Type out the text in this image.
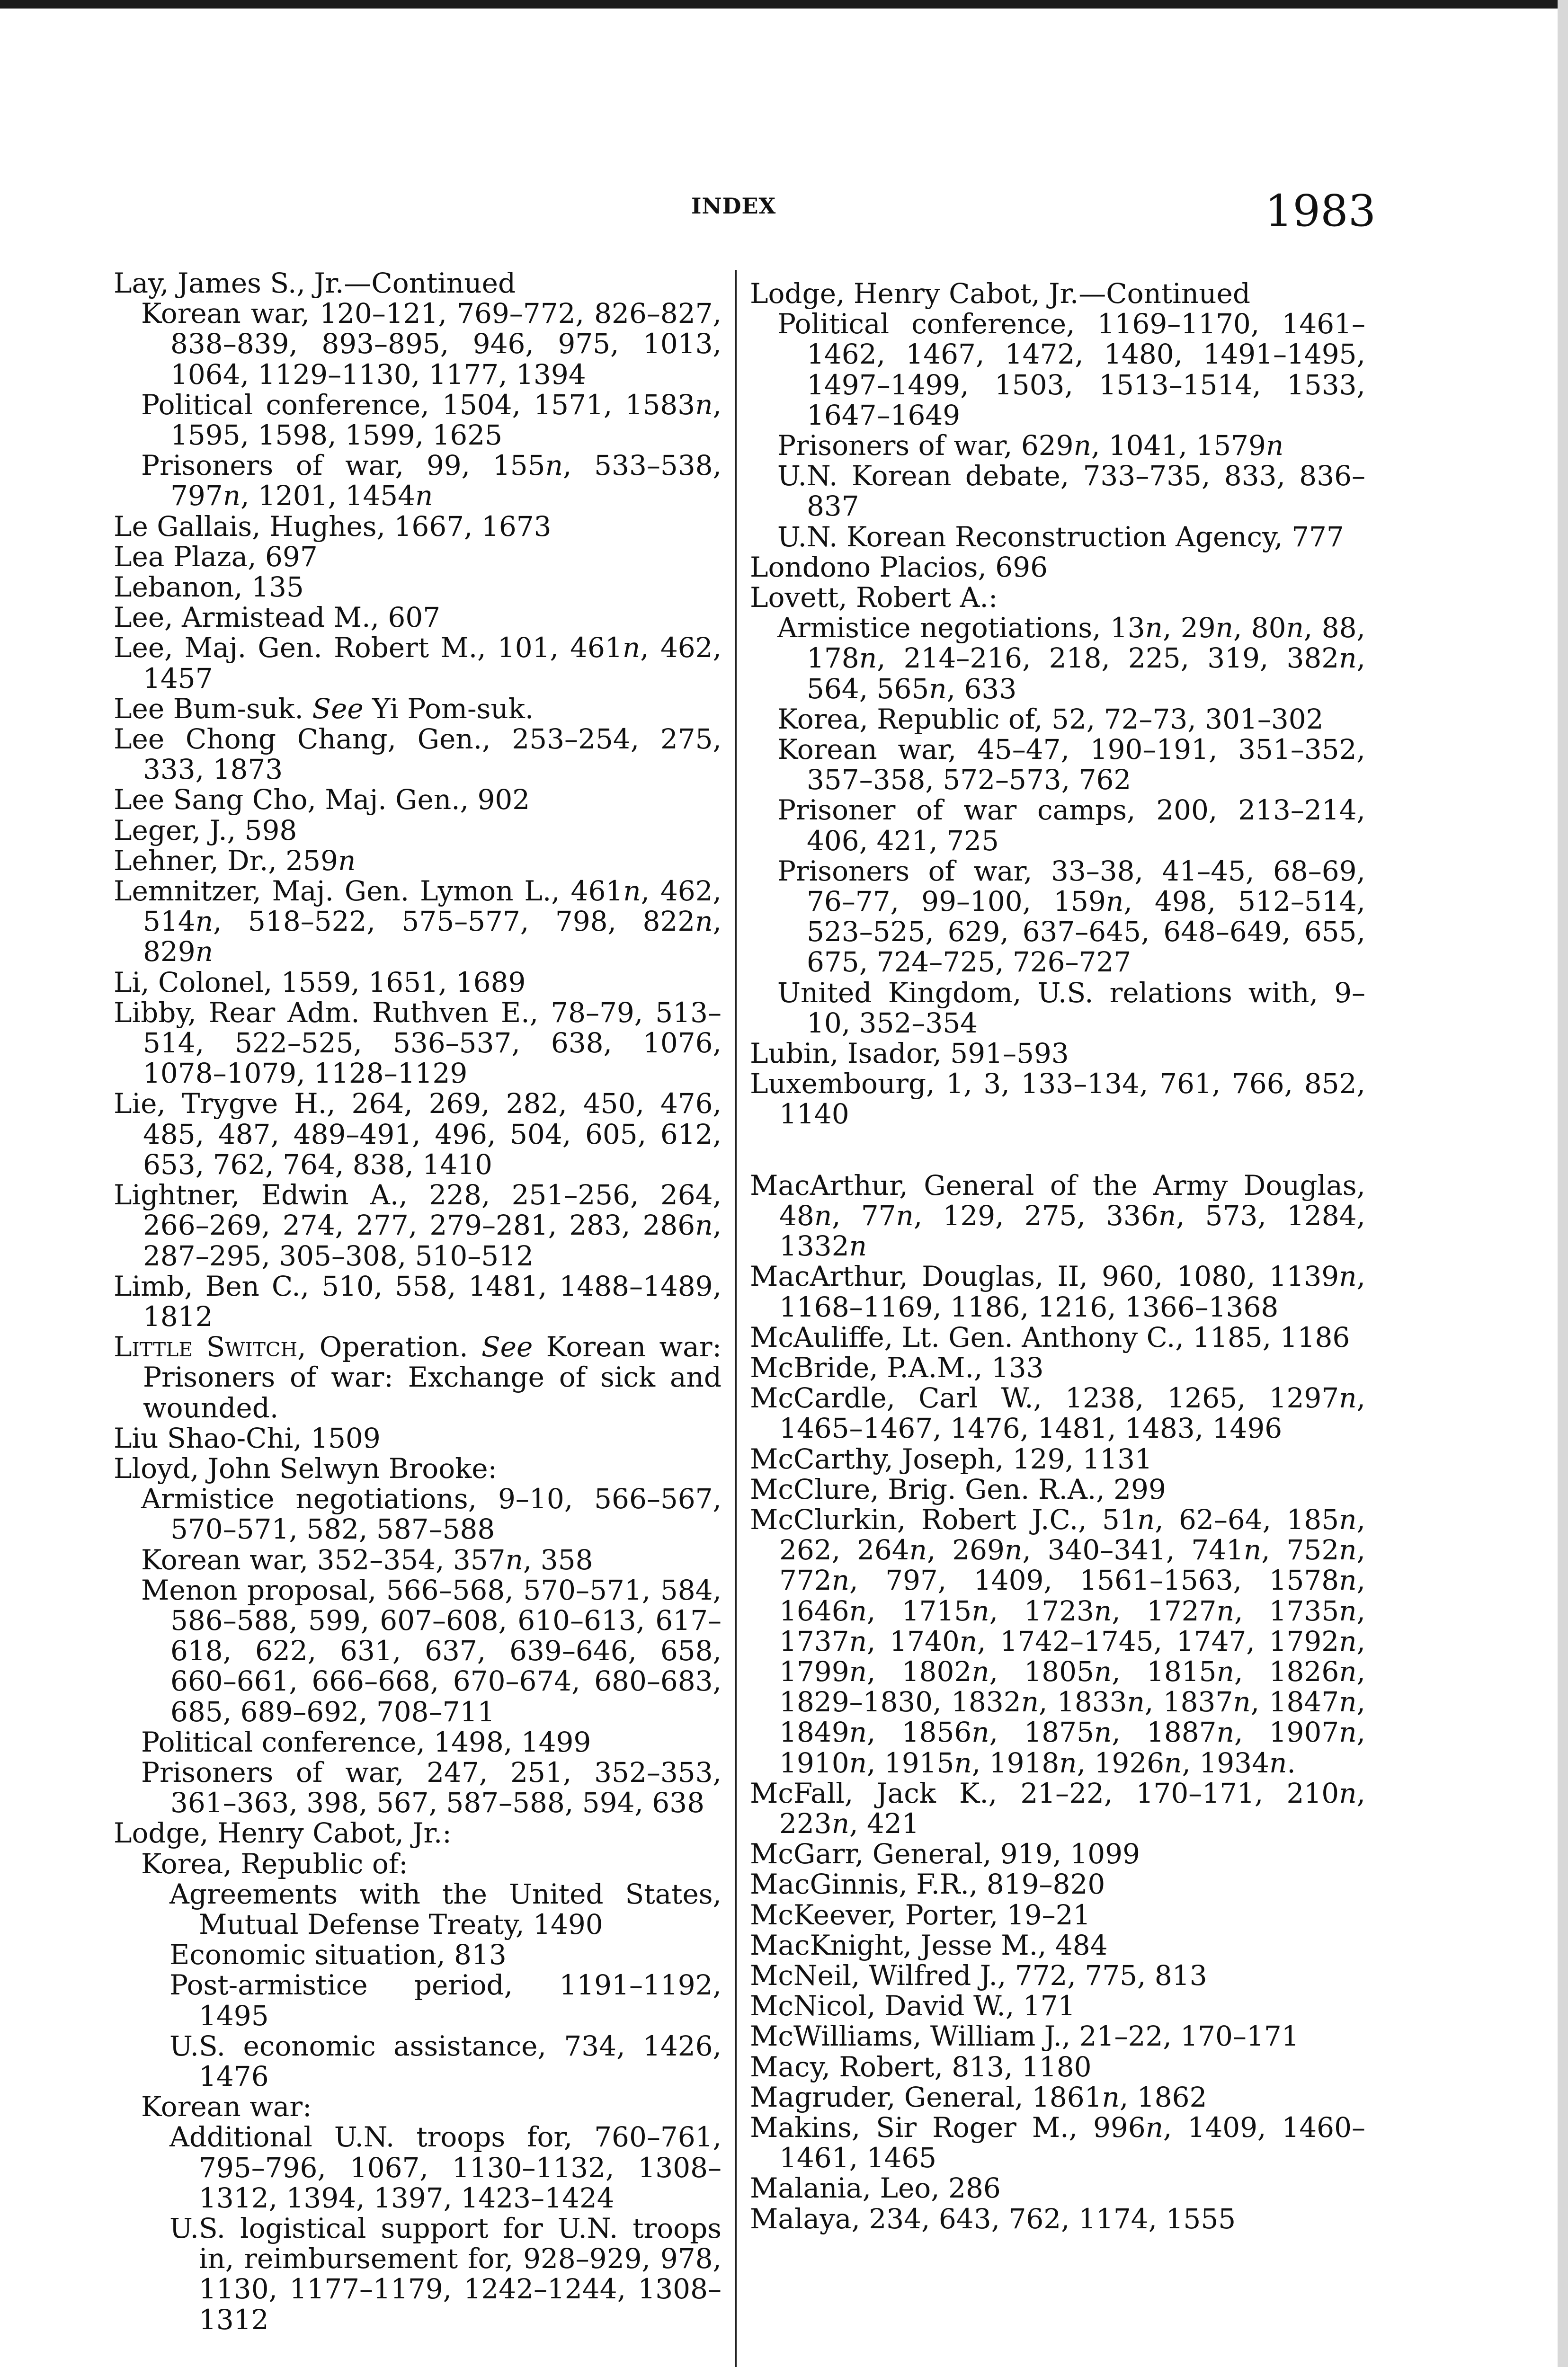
INDEX	1983
Lay, James S., Jr.—Continued
Korean war, 120–121, 769–772, 826–827, 838–839, 893–895, 946, 975, 1013, 1064, 1129–1130, 1177, 1394
Political conference, 1504, 1571, 1583n, 1595, 1598, 1599, 1625
Prisoners of war, 99, 155n, 533–538, 797n, 1201, 1454n
Le Gallais, Hughes, 1667, 1673
Lea Plaza, 697
Lebanon, 135
Lee, Armistead M., 607
Lee, Maj. Gen. Robert M., 101, 461n, 462, 1457
Lee Bum-suk. See Yi Pom-suk.
Lee Chong Chang, Gen., 253–254, 275, 333, 1873
Lee Sang Cho, Maj. Gen., 902
Leger, J., 598
Lehner, Dr., 259n
Lemnitzer, Maj. Gen. Lymon L., 461n, 462, 514n, 518–522, 575–577, 798, 822n, 829n
Li, Colonel, 1559, 1651, 1689
Libby, Rear Adm. Ruthven E., 78–79, 513–514, 522–525, 536–537, 638, 1076, 1078–1079, 1128–1129
Lie, Trygve H., 264, 269, 282, 450, 476, 485, 487, 489–491, 496, 504, 605, 612, 653, 762, 764, 838, 1410
Lightner, Edwin A., 228, 251–256, 264, 266–269, 274, 277, 279–281, 283, 286n, 287–295, 305–308, 510–512
Limb, Ben C., 510, 558, 1481, 1488–1489, 1812
Little Switch, Operation. See Korean war: Prisoners of war: Exchange of sick and wounded.
Liu Shao-Chi, 1509
Lloyd, John Selwyn Brooke:
Armistice negotiations, 9–10, 566–567, 570–571, 582, 587–588
Korean war, 352–354, 357n, 358
Menon proposal, 566–568, 570–571, 584, 586–588, 599, 607–608, 610–613, 617–618, 622, 631, 637, 639–646, 658, 660–661, 666–668, 670–674, 680–683, 685, 689–692, 708–711
Political conference, 1498, 1499
Prisoners of war, 247, 251, 352–353, 361–363, 398, 567, 587–588, 594, 638
Lodge, Henry Cabot, Jr.:
Korea, Republic of:
Agreements with the United States, Mutual Defense Treaty, 1490
Economic situation, 813
Post-armistice period, 1191–1192, 1495
U.S. economic assistance, 734, 1426, 1476
Korean war:
Additional U.N. troops for, 760–761, 795–796, 1067, 1130–1132, 1308–1312, 1394, 1397, 1423–1424
U.S. logistical support for U.N. troops in, reimbursement for, 928–929, 978, 1130, 1177–1179, 1242–1244, 1308–1312
Lodge, Henry Cabot, Jr.—Continued
Political conference, 1169–1170, 1461–1462, 1467, 1472, 1480, 1491–1495, 1497–1499, 1503, 1513–1514, 1533, 1647–1649
Prisoners of war, 629n, 1041, 1579n
U.N. Korean debate, 733–735, 833, 836–837
U.N. Korean Reconstruction Agency, 777
Londono Placios, 696
Lovett, Robert A.:
Armistice negotiations, 13n, 29n, 80n, 88, 178n, 214–216, 218, 225, 319, 382n, 564, 565n, 633
Korea, Republic of, 52, 72–73, 301–302
Korean war, 45–47, 190–191, 351–352, 357–358, 572–573, 762
Prisoner of war camps, 200, 213–214, 406, 421, 725
Prisoners of war, 33–38, 41–45, 68–69, 76–77, 99–100, 159n, 498, 512–514, 523–525, 629, 637–645, 648–649, 655, 675, 724–725, 726–727
United Kingdom, U.S. relations with, 9–10, 352–354
Lubin, Isador, 591–593
Luxembourg, 1, 3, 133–134, 761, 766, 852, 1140
MacArthur, General of the Army Douglas, 48n, 77n, 129, 275, 336n, 573, 1284, 1332n
MacArthur, Douglas, II, 960, 1080, 1139n, 1168–1169, 1186, 1216, 1366–1368
McAuliffe, Lt. Gen. Anthony C., 1185, 1186
McBride, P.A.M., 133
McCardle, Carl W., 1238, 1265, 1297n, 1465–1467, 1476, 1481, 1483, 1496
McCarthy, Joseph, 129, 1131
McClure, Brig. Gen. R.A., 299
McClurkin, Robert J.C., 51n, 62–64, 185n, 262, 264n, 269n, 340–341, 741n, 752n, 772n, 797, 1409, 1561–1563, 1578n, 1646n, 1715n, 1723n, 1727n, 1735n, 1737n, 1740n, 1742–1745, 1747, 1792n, 1799n, 1802n, 1805n, 1815n, 1826n, 1829–1830, 1832n, 1833n, 1837n, 1847n, 1849n, 1856n, 1875n, 1887n, 1907n, 1910n, 1915n, 1918n, 1926n, 1934n.
McFall, Jack K., 21–22, 170–171, 210n, 223n, 421
McGarr, General, 919, 1099
MacGinnis, F.R., 819–820
McKeever, Porter, 19–21
MacKnight, Jesse M., 484
McNeil, Wilfred J., 772, 775, 813
McNicol, David W., 171
McWilliams, William J., 21–22, 170–171
Macy, Robert, 813, 1180
Magruder, General, 1861n, 1862
Makins, Sir Roger M., 996n, 1409, 1460–1461, 1465
Malania, Leo, 286
Malaya, 234, 643, 762, 1174, 1555
